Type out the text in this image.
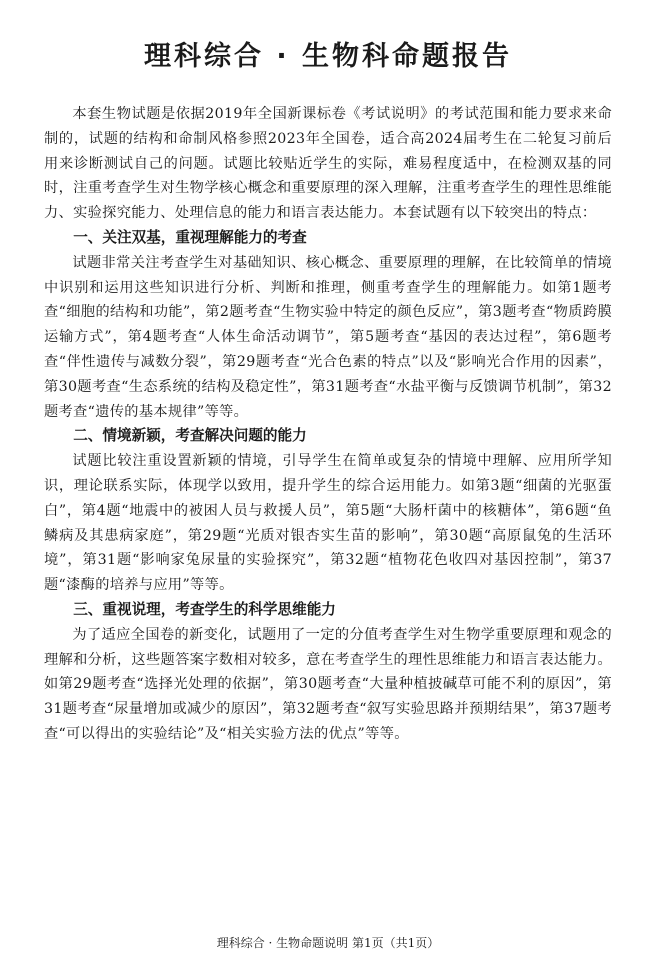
理科综合 · 生物科命题报告

本套生物试题是依据2019年全国新课标卷《考试说明》的考试范围和能力要求来命制的，试题的结构和命制风格参照2023年全国卷，适合高2024届考生在二轮复习前后用来诊断测试自己的问题。试题比较贴近学生的实际，难易程度适中，在检测双基的同时，注重考查学生对生物学核心概念和重要原理的深入理解，注重考查学生的理性思维能力、实验探究能力、处理信息的能力和语言表达能力。本套试题有以下较突出的特点：

一、关注双基，重视理解能力的考查

试题非常关注考查学生对基础知识、核心概念、重要原理的理解，在比较简单的情境中识别和运用这些知识进行分析、判断和推理，侧重考查学生的理解能力。如第1题考查“细胞的结构和功能”，第2题考查“生物实验中特定的颜色反应”，第3题考查“物质跨膜运输方式”，第4题考查“人体生命活动调节”，第5题考查“基因的表达过程”，第6题考查“伴性遗传与减数分裂”，第29题考查“光合色素的特点”以及“影响光合作用的因素”，第30题考查“生态系统的结构及稳定性”，第31题考查“水盐平衡与反馈调节机制”，第32题考查“遗传的基本规律”等等。

二、情境新颖，考查解决问题的能力

试题比较注重设置新颖的情境，引导学生在简单或复杂的情境中理解、应用所学知识，理论联系实际，体现学以致用，提升学生的综合运用能力。如第3题“细菌的光驱蛋白”，第4题“地震中的被困人员与救援人员”，第5题“大肠杆菌中的核糖体”，第6题“鱼鳞病及其患病家庭”，第29题“光质对银杏实生苗的影响”，第30题“高原鼠兔的生活环境”，第31题“影响家兔尿量的实验探究”，第32题“植物花色收四对基因控制”，第37题“漆酶的培养与应用”等等。

三、重视说理，考查学生的科学思维能力

为了适应全国卷的新变化，试题用了一定的分值考查学生对生物学重要原理和观念的理解和分析，这些题答案字数相对较多，意在考查学生的理性思维能力和语言表达能力。如第29题考查“选择光处理的依据”，第30题考查“大量种植披碱草可能不利的原因”，第31题考查“尿量增加或减少的原因”，第32题考查“叙写实验思路并预期结果”，第37题考查“可以得出的实验结论”及“相关实验方法的优点”等等。

理科综合 · 生物命题说明 第1页（共1页）
